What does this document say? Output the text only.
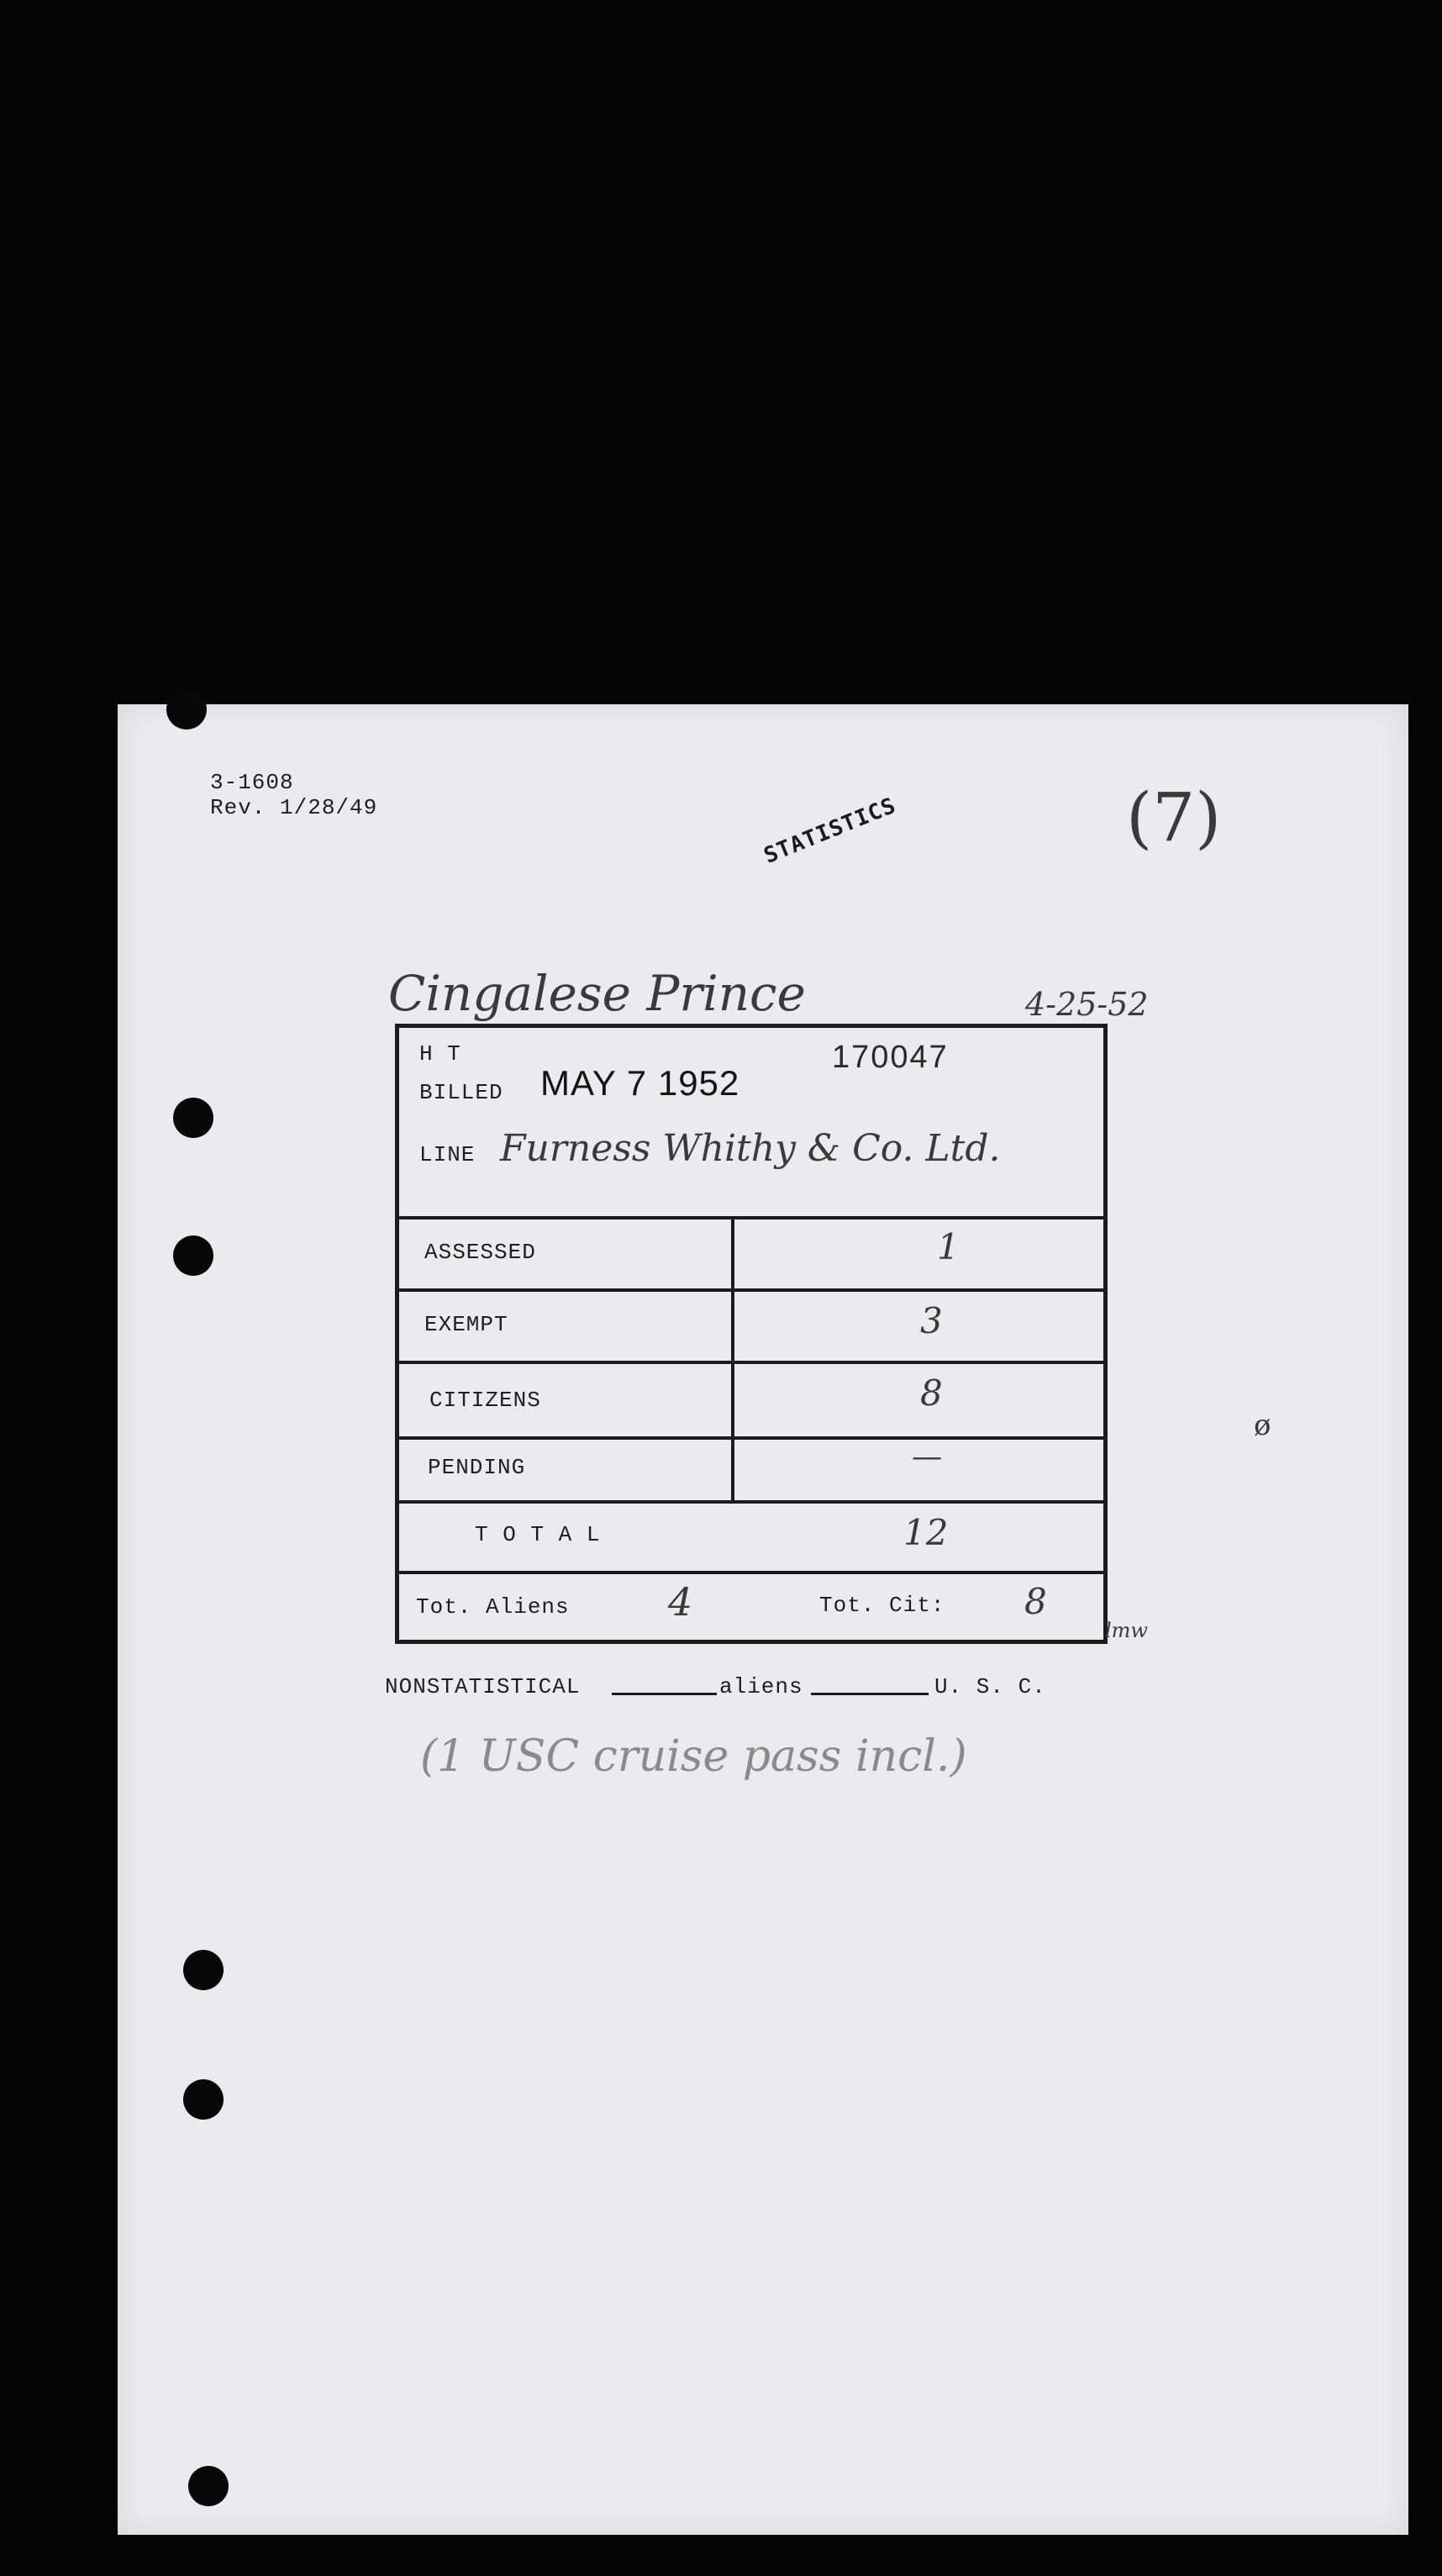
3-1608
Rev. 1/28/49	(7)
STATISTICS
Cingalese Prince	4-25-52
H T
BILLED MAY 7 1952
170047
LINE Furness Whithy & Co. Ltd.
ASSESSED	1
EXEMPT	3
CITIZENS	8
PENDING	—
T O T A L	12
Tot. Aliens	4	Tot. Cit: 8
lmw
NONSTATISTICAL	aliens	U. S. C.
(1 USC cruise pass incl.)
ø
